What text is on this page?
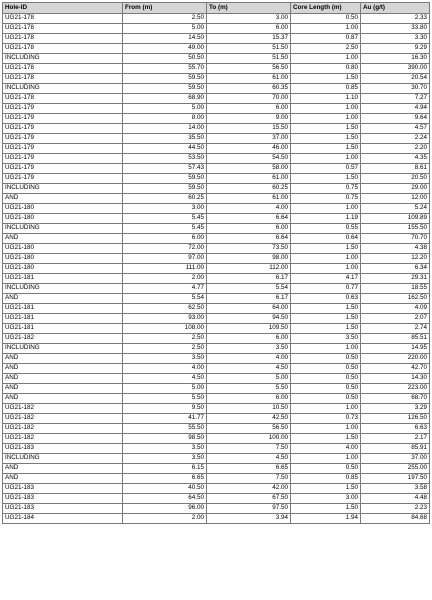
Hole-ID	From (m)	To (m)	Core Length (m)	Au (g/t)
UG21-178	2.50	3.00	0.50	2.33
UG21-178	5.00	6.00	1.00	33.80
UG21-178	14.50	15.37	0.87	3.30
UG21-178	49.00	51.50	2.50	9.29
INCLUDING	50.50	51.50	1.00	16.30
UG21-178	55.70	56.50	0.80	390.00
UG21-178	59.50	61.00	1.50	20.54
INCLUDING	59.50	60.35	0.85	30.70
UG21-178	68.90	70.00	1.10	7.27
UG21-179	5.00	6.00	1.00	4.94
UG21-179	8.00	9.00	1.00	9.64
UG21-179	14.00	15.50	1.50	4.57
UG21-179	35.50	37.00	1.50	2.24
UG21-179	44.50	46.00	1.50	2.20
UG21-179	53.50	54.50	1.00	4.35
UG21-179	57.43	58.00	0.57	8.61
UG21-179	59.50	61.00	1.50	20.50
INCLUDING	59.50	60.25	0.75	29.00
AND	60.25	61.00	0.75	12.00
UG21-180	3.00	4.00	1.00	5.24
UG21-180	5.45	6.64	1.19	109.89
INCLUDING	5.45	6.00	0.55	155.50
AND	6.00	6.64	0.64	70.70
UG21-180	72.00	73.50	1.50	4.38
UG21-180	97.00	98.00	1.00	12.20
UG21-180	111.00	112.00	1.00	6.34
UG21-181	2.00	6.17	4.17	29.31
INCLUDING	4.77	5.54	0.77	18.55
AND	5.54	6.17	0.63	162.50
UG21-181	62.50	64.00	1.50	4.09
UG21-181	93.00	94.50	1.50	2.07
UG21-181	108.00	109.50	1.50	2.74
UG21-182	2.50	6.00	3.50	85.51
INCLUDING	2.50	3.50	1.00	14.95
AND	3.50	4.00	0.50	220.00
AND	4.00	4.50	0.50	42.70
AND	4.50	5.00	0.50	14.30
AND	5.00	5.50	0.50	223.00
AND	5.50	6.00	0.50	68.70
UG21-182	9.50	10.50	1.00	3.29
UG21-182	41.77	42.50	0.73	126.50
UG21-182	55.50	56.50	1.00	6.63
UG21-182	98.50	100.00	1.50	2.17
UG21-183	3.50	7.50	4.00	85.91
INCLUDING	3.50	4.50	1.00	37.00
AND	6.15	6.65	0.50	255.00
AND	6.65	7.50	0.85	197.50
UG21-183	40.50	42.00	1.50	3.58
UG21-183	64.50	67.50	3.00	4.48
UG21-183	96.00	97.50	1.50	2.23
UG21-184	2.00	3.94	1.94	84.68
